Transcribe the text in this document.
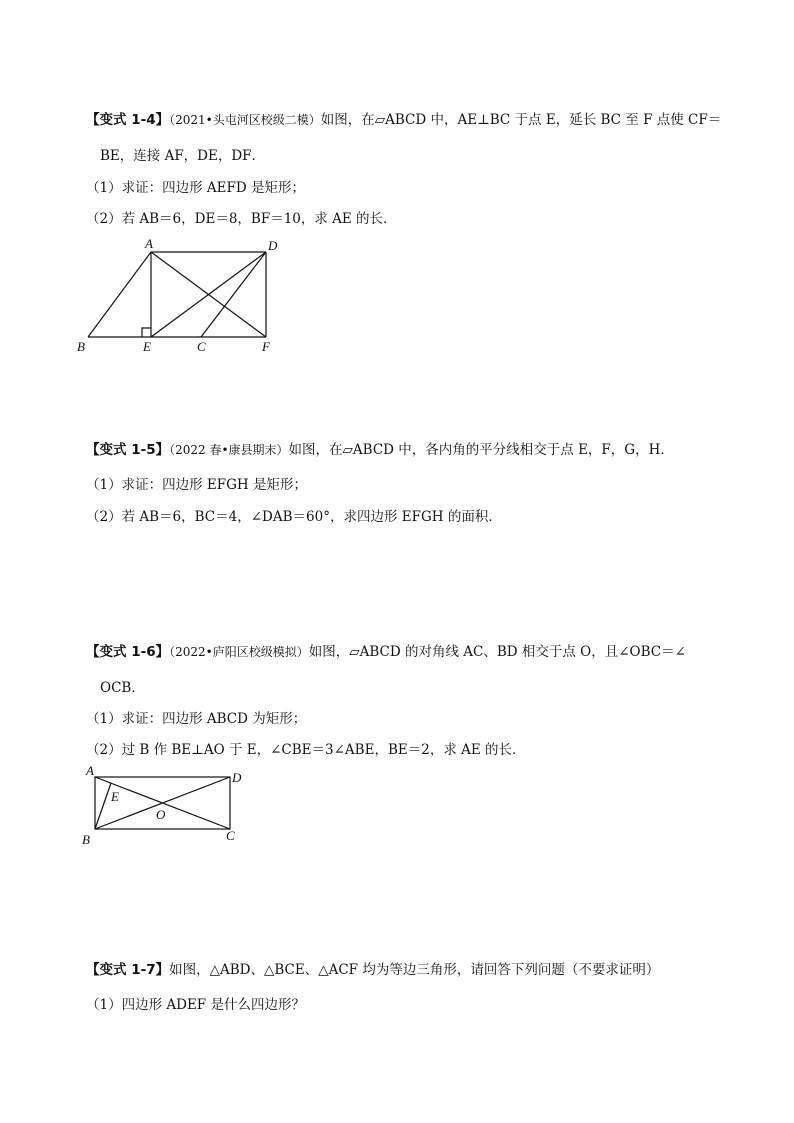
【变式 1-4】（2021•头屯河区校级二模）如图，在▱ABCD 中，AE⊥BC 于点 E，延长 BC 至 F 点使 CF＝
BE，连接 AF，DE，DF．
（1）求证：四边形 AEFD 是矩形；
（2）若 AB＝6，DE＝8，BF＝10，求 AE 的长．
A	D
B	E	C	F
【变式 1-5】（2022 春•康县期末）如图，在▱ABCD 中，各内角的平分线相交于点 E，F，G，H．
（1）求证：四边形 EFGH 是矩形；
（2）若 AB＝6，BC＝4，∠DAB＝60°，求四边形 EFGH 的面积．
【变式 1-6】（2022•庐阳区校级模拟）如图，▱ABCD 的对角线 AC、BD 相交于点 O，且∠OBC＝∠
OCB．
（1）求证：四边形 ABCD 为矩形；
（2）过 B 作 BE⊥AO 于 E，∠CBE＝3∠ABE，BE＝2，求 AE 的长．
A	D
E
O
B	C
【变式 1-7】如图，△ABD、△BCE、△ACF 均为等边三角形，请回答下列问题（不要求证明）
（1）四边形 ADEF 是什么四边形？
